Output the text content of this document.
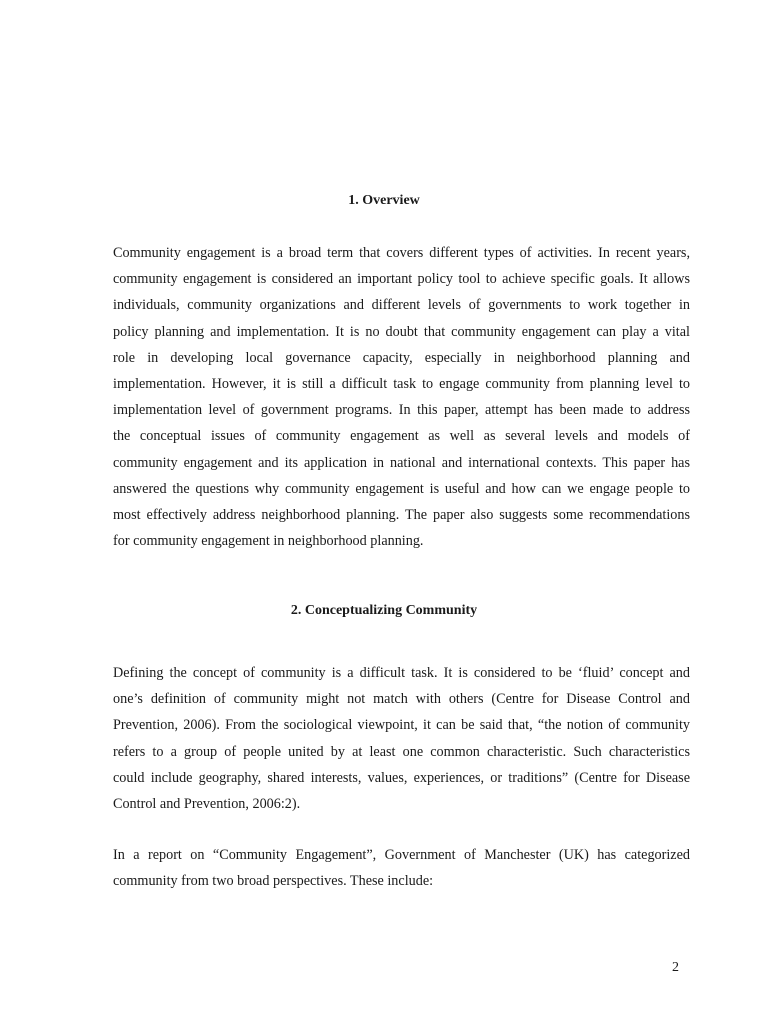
1. Overview
Community engagement is a broad term that covers different types of activities. In recent years,
community engagement is considered an important policy tool to achieve specific goals. It allows
individuals, community organizations and different levels of governments to work together in
policy planning and implementation. It is no doubt that community engagement can play a vital
role in developing local governance capacity, especially in neighborhood planning and
implementation. However, it is still a difficult task to engage community from planning level to
implementation level of government programs. In this paper, attempt has been made to address
the conceptual issues of community engagement as well as several levels and models of
community engagement and its application in national and international contexts. This paper has
answered the questions why community engagement is useful and how can we engage people to
most effectively address neighborhood planning. The paper also suggests some recommendations
for community engagement in neighborhood planning.
2. Conceptualizing Community
Defining the concept of community is a difficult task. It is considered to be ‘fluid’ concept and
one’s definition of community might not match with others (Centre for Disease Control and
Prevention, 2006). From the sociological viewpoint, it can be said that, “the notion of community
refers to a group of people united by at least one common characteristic. Such characteristics
could include geography, shared interests, values, experiences, or traditions” (Centre for Disease
Control and Prevention, 2006:2).
In a report on “Community Engagement”, Government of Manchester (UK) has categorized
community from two broad perspectives. These include:
2
